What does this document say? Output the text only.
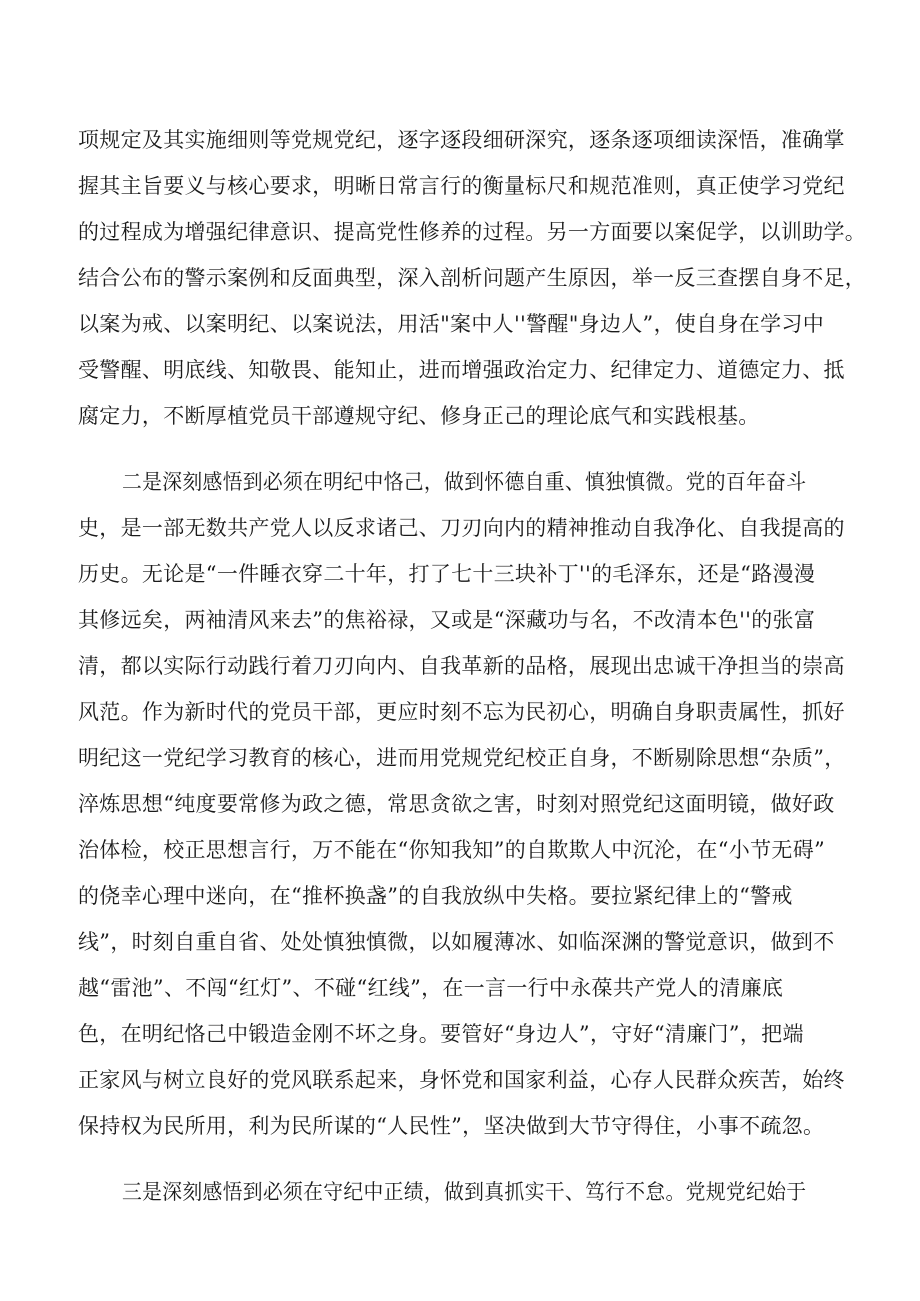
项规定及其实施细则等党规党纪，逐字逐段细研深究，逐条逐项细读深悟，准确掌
握其主旨要义与核心要求，明晰日常言行的衡量标尺和规范准则，真正使学习党纪
的过程成为增强纪律意识、提高党性修养的过程。另一方面要以案促学，以训助学。
结合公布的警示案例和反面典型，深入剖析问题产生原因，举一反三查摆自身不足，
以案为戒、以案明纪、以案说法，用活"案中人''警醒"身边人”，使自身在学习中
受警醒、明底线、知敬畏、能知止，进而增强政治定力、纪律定力、道德定力、抵
腐定力，不断厚植党员干部遵规守纪、修身正己的理论底气和实践根基。
二是深刻感悟到必须在明纪中恪己，做到怀德自重、慎独慎微。党的百年奋斗
史，是一部无数共产党人以反求诸己、刀刃向内的精神推动自我净化、自我提高的
历史。无论是“一件睡衣穿二十年，打了七十三块补丁''的毛泽东，还是“路漫漫
其修远矣，两袖清风来去”的焦裕禄，又或是“深藏功与名，不改清本色''的张富
清，都以实际行动践行着刀刃向内、自我革新的品格，展现出忠诚干净担当的崇高
风范。作为新时代的党员干部，更应时刻不忘为民初心，明确自身职责属性，抓好
明纪这一党纪学习教育的核心，进而用党规党纪校正自身，不断剔除思想“杂质”，
淬炼思想“纯度要常修为政之德，常思贪欲之害，时刻对照党纪这面明镜，做好政
治体检，校正思想言行，万不能在“你知我知”的自欺欺人中沉沦，在“小节无碍”
的侥幸心理中迷向，在“推杯换盏”的自我放纵中失格。要拉紧纪律上的“警戒
线”，时刻自重自省、处处慎独慎微，以如履薄冰、如临深渊的警觉意识，做到不
越“雷池”、不闯“红灯”、不碰“红线”，在一言一行中永葆共产党人的清廉底
色，在明纪恪己中锻造金刚不坏之身。要管好“身边人”，守好“清廉门”，把端
正家风与树立良好的党风联系起来，身怀党和国家利益，心存人民群众疾苦，始终
保持权为民所用，利为民所谋的“人民性”，坚决做到大节守得住，小事不疏忽。
三是深刻感悟到必须在守纪中正绩，做到真抓实干、笃行不怠。党规党纪始于
